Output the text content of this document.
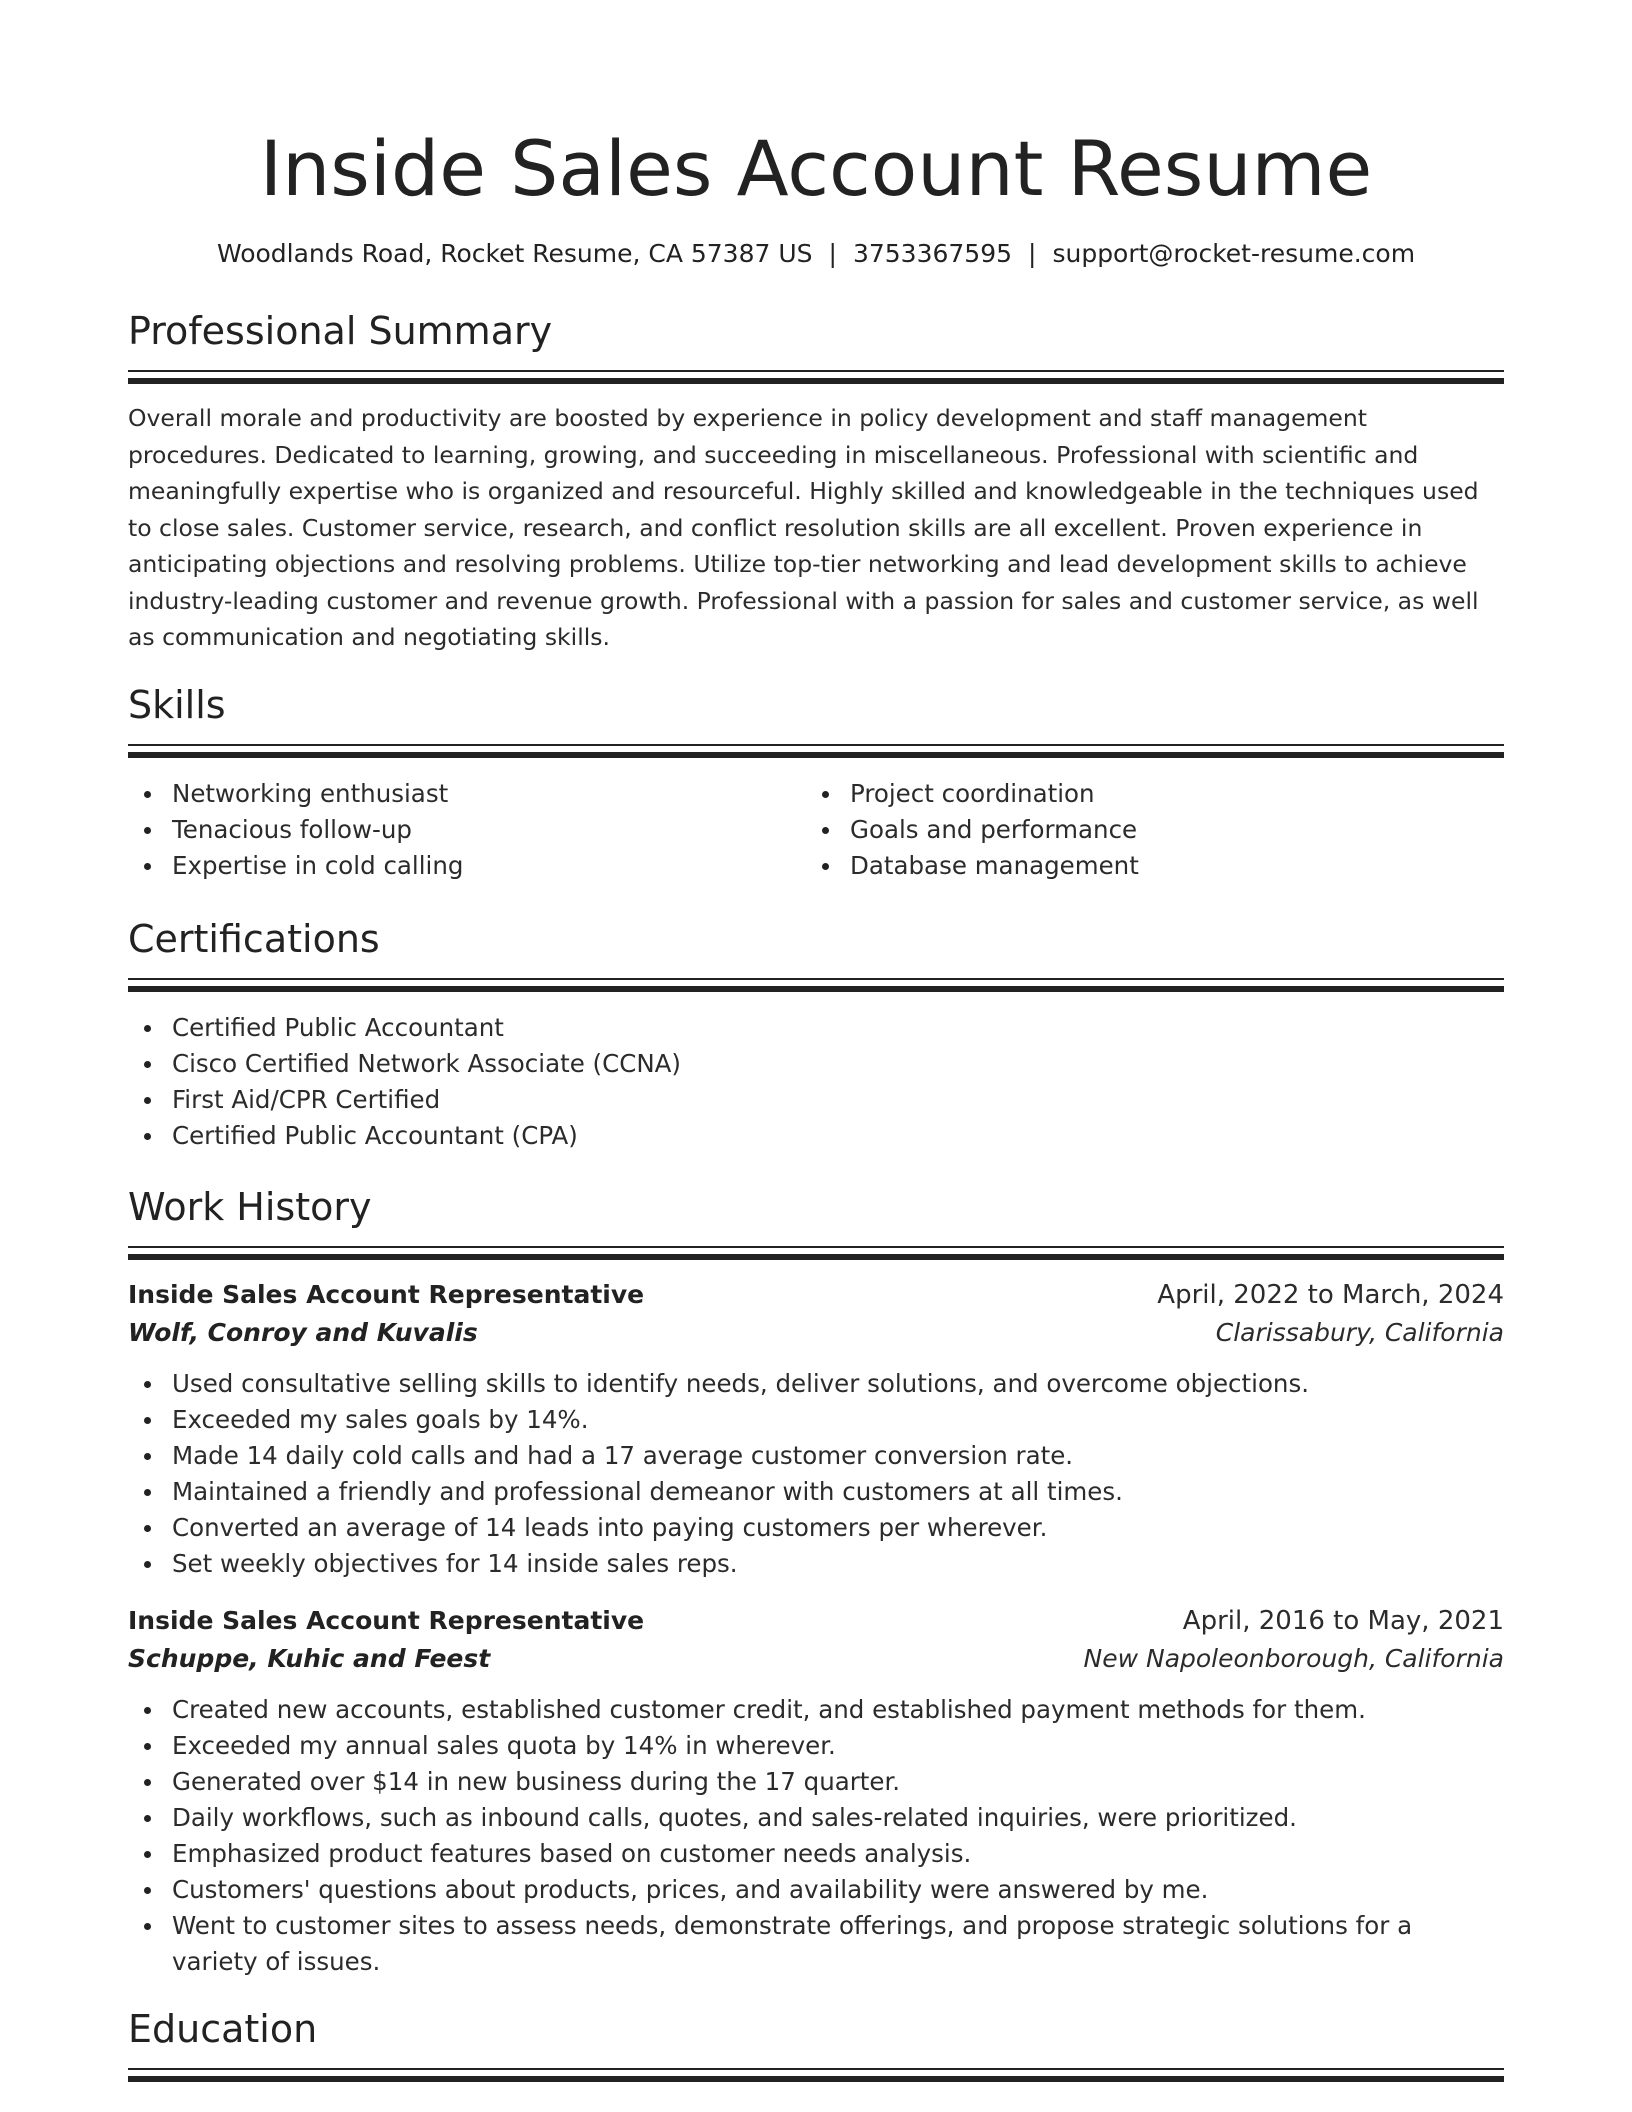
Inside Sales Account Resume
Woodlands Road, Rocket Resume, CA 57387 US | 3753367595 | support@rocket-resume.com
Professional Summary

Overall morale and productivity are boosted by experience in policy development and staff management procedures. Dedicated to learning, growing, and succeeding in miscellaneous. Professional with scientific and meaningfully expertise who is organized and resourceful. Highly skilled and knowledgeable in the techniques used to close sales. Customer service, research, and conflict resolution skills are all excellent. Proven experience in anticipating objections and resolving problems. Utilize top-tier networking and lead development skills to achieve industry-leading customer and revenue growth. Professional with a passion for sales and customer service, as well as communication and negotiating skills.

Skills
Networking enthusiast
Tenacious follow-up
Expertise in cold calling
Project coordination
Goals and performance
Database management
Certifications
Certified Public Accountant
Cisco Certified Network Associate (CCNA)
First Aid/CPR Certified
Certified Public Accountant (CPA)
Work History
Inside Sales Account Representative	April, 2022 to March, 2024
Wolf, Conroy and Kuvalis	Clarissabury, California
Used consultative selling skills to identify needs, deliver solutions, and overcome objections.
Exceeded my sales goals by 14%.
Made 14 daily cold calls and had a 17 average customer conversion rate.
Maintained a friendly and professional demeanor with customers at all times.
Converted an average of 14 leads into paying customers per wherever.
Set weekly objectives for 14 inside sales reps.
Inside Sales Account Representative	April, 2016 to May, 2021
Schuppe, Kuhic and Feest	New Napoleonborough, California
Created new accounts, established customer credit, and established payment methods for them.
Exceeded my annual sales quota by 14% in wherever.
Generated over $14 in new business during the 17 quarter.
Daily workflows, such as inbound calls, quotes, and sales-related inquiries, were prioritized.
Emphasized product features based on customer needs analysis.
Customers' questions about products, prices, and availability were answered by me.
Went to customer sites to assess needs, demonstrate offerings, and propose strategic solutions for a variety of issues.
Education
